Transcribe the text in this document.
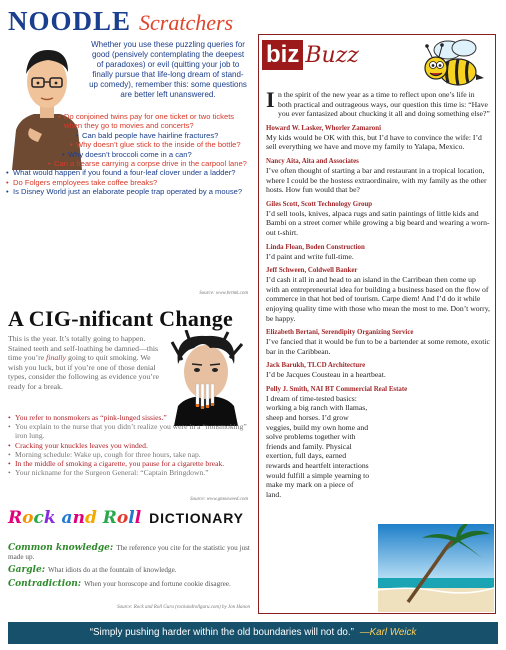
NOODLE Scratchers
Whether you use these puzzling queries for good (pensively contemplating the deepest of paradoxes) or evil (quitting your job to finally pursue that life-long dream of stand-up comedy), remember this: some questions are better left unanswered.
• Do conjoined twins pay for one ticket or two tickets when they go to movies and concerts?
• Can bald people have hairline fractures?
• Why doesn’t glue stick to the inside of the bottle?
• Why doesn’t broccoli come in a can?
• Can a hearse carrying a corpse drive in the carpool lane?
• What would happen if you found a four-leaf clover under a ladder?
• Do Folgers employees take coffee breaks?
• Is Disney World just an elaborate people trap operated by a mouse?
Source: www.brtmk.com
A CIG-nificant Change
This is the year. It’s totally going to happen. Stained teeth and self-loathing be damned—this time you’re finally going to quit smoking. We wish you luck, but if you’re one of those denial types, consider the following as evidence you’re ready for a break.
• You refer to nonsmokers as “pink-lunged sissies.”
• You explain to the nurse that you didn’t realize you were in a “nonsmoking” iron lung.
• Cracking your knuckles leaves you winded.
• Morning schedule: Wake up, cough for three hours, take nap.
• In the middle of smoking a cigarette, you pause for a cigarette break.
• Your nickname for the Surgeon General: “Captain Bringdown.”
Source: www.gmosweed.com
Rock and Roll DICTIONARY
Common knowledge: The reference you cite for the statistic you just made up.
Gargle: What idiots do at the fountain of knowledge.
Contradiction: When your horoscope and fortune cookie disagree.
Source: Rock and Roll Guru (rockandrollguru.com) by Jon Hanon
biz Buzz
I n the spirit of the new year as a time to reflect upon one’s life in both practical and outrageous ways, our question this time is: “Have you ever fantasized about chucking it all and doing something else?”
Howard W. Lasker, Whorler Zamaroni
My kids would be OK with this, but I’d have to convince the wife: I’d sell everything we have and move my family to Yalapa, Mexico.
Nancy Aita, Aita and Associates
I’ve often thought of starting a bar and restaurant in a tropical location, where I could be the hostess extraordinaire, with my family as the other hosts. How fun would that be?
Giles Scott, Scott Technology Group
I’d sell tools, knives, alpaca rugs and satin paintings of little kids and Bambi on a street corner while growing a big beard and wearing a worn-out t-shirt.
Linda Floan, Boden Construction
I’d paint and write full-time.
Jeff Schween, Coldwell Banker
I’d cash it all in and head to an island in the Carribean then come up with an entrepreneurial idea for building a business based on the flow of commerce in that hot bed of tourism. Carpe diem! And I’d do it while enjoying quality time with those who mean the most to me. Don’t worry, be happy.
Elizabeth Bertani, Serendipity Organizing Service
I’ve fancied that it would be fun to be a bartender at some remote, exotic bar in the Caribbean.
Jack Barukh, TLCD Architecture
I’d be Jacques Cousteau in a heartbeat.
Polly J. Smith, NAI BT Commercial Real Estate
I dream of time-tested basics: working a big ranch with llamas, sheep and horses. I’d grow veggies, build my own home and solve problems together with friends and family. Physical exertion, full days, earned rewards and heartfelt interactions would fulfill a simple yearning to make my mark on a piece of land.
“Simply pushing harder within the old boundaries will not do.” —Karl Weick
